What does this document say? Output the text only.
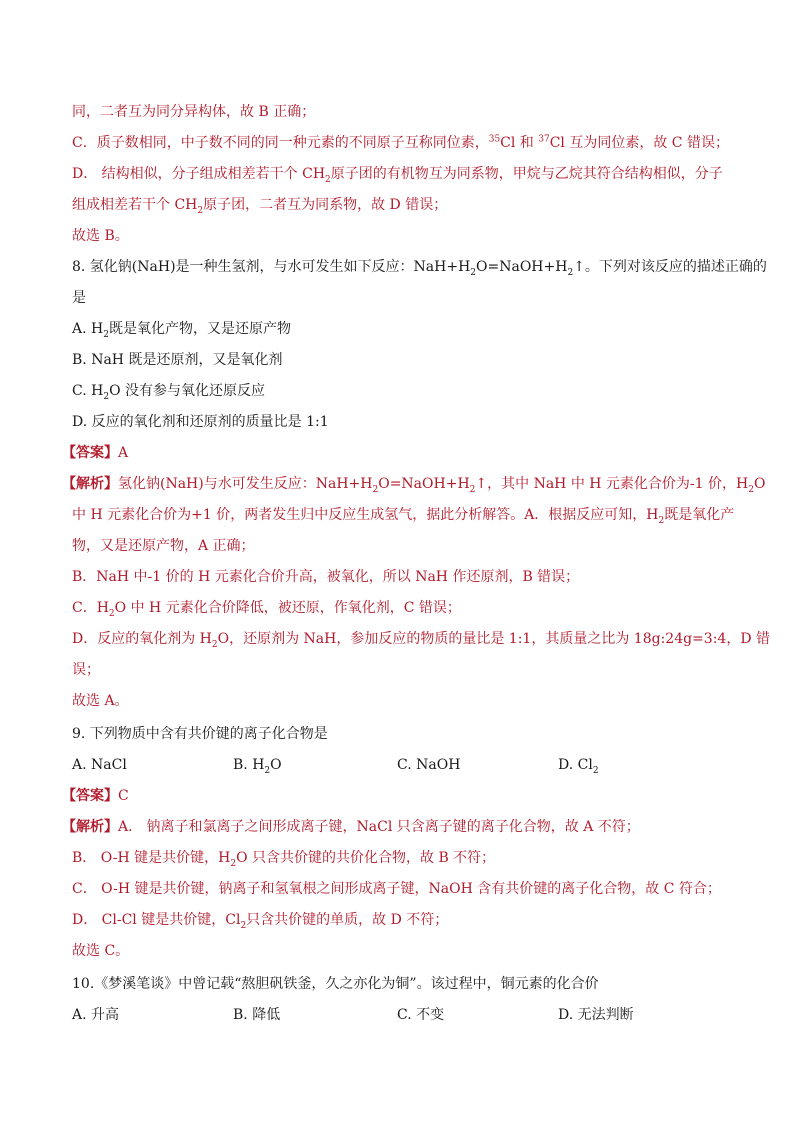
同，二者互为同分异构体，故 B 正确；
C．质子数相同，中子数不同的同一种元素的不同原子互称同位素，$^{35}$Cl 和 $^{37}$Cl 互为同位素，故 C 错误；
D． 结构相似，分子组成相差若干个 $CH_2$原子团的有机物互为同系物，甲烷与乙烷其符合结构相似，分子
组成相差若干个 $CH_2$原子团，二者互为同系物，故 D 错误；
故选 B。
8. 氢化钠(NaH)是一种生氢剂，与水可发生如下反应：$NaH+H_2O=NaOH+H_2↑$。下列对该反应的描述正确的
是
A. $H_2$既是氧化产物，又是还原产物
B. NaH 既是还原剂，又是氧化剂
C. $H_2O$ 没有参与氧化还原反应
D. 反应的氧化剂和还原剂的质量比是 1:1
【答案】A
【解析】氢化钠(NaH)与水可发生反应：$NaH+H_2O=NaOH+H_2↑$，其中 NaH 中 H 元素化合价为-1 价，$H_2O$
中 H 元素化合价为+1 价，两者发生归中反应生成氢气，据此分析解答。A．根据反应可知，$H_2$既是氧化产
物，又是还原产物，A 正确；
B．NaH 中-1 价的 H 元素化合价升高，被氧化，所以 NaH 作还原剂，B 错误；
C．$H_2O$ 中 H 元素化合价降低，被还原，作氧化剂，C 错误；
D．反应的氧化剂为 $H_2O$，还原剂为 NaH，参加反应的物质的量比是 1:1，其质量之比为 18g:24g=3:4，D 错
误；
故选 A。
9. 下列物质中含有共价键的离子化合物是
A. NaCl	B. $H_2O$	C. NaOH	D. $Cl_2$
【答案】C
【解析】A． 钠离子和氯离子之间形成离子键，NaCl 只含离子键的离子化合物，故 A 不符；
B． O-H 键是共价键，$H_2O$ 只含共价键的共价化合物，故 B 不符；
C． O-H 键是共价键，钠离子和氢氧根之间形成离子键，NaOH 含有共价键的离子化合物，故 C 符合；
D． Cl-Cl 键是共价键，$Cl_2$只含共价键的单质，故 D 不符；
故选 C。
10.《梦溪笔谈》中曾记载“熬胆矾铁釜，久之亦化为铜”。该过程中，铜元素的化合价
A. 升高	B. 降低	C. 不变	D. 无法判断
